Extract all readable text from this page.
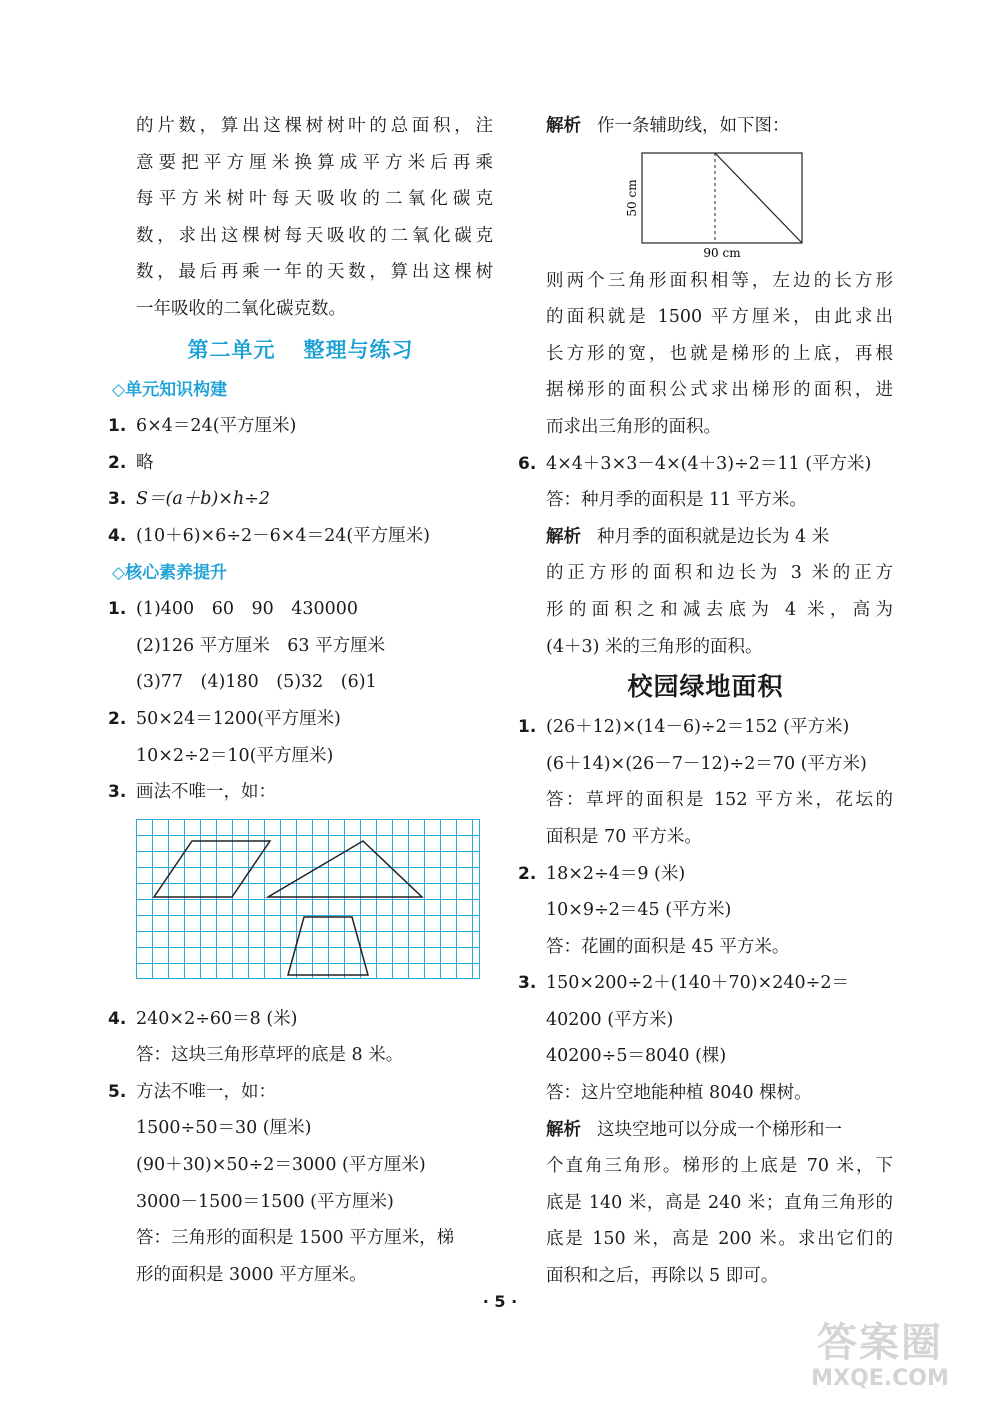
的片数，算出这棵树树叶的总面积，注
意要把平方厘米换算成平方米后再乘
每平方米树叶每天吸收的二氧化碳克
数，求出这棵树每天吸收的二氧化碳克
数，最后再乘一年的天数，算出这棵树
一年吸收的二氧化碳克数。
第二单元 整理与练习
◇单元知识构建
1. 6×4＝24(平方厘米)
2. 略
3. S＝(a＋b)×h÷2
4. (10＋6)×6÷2－6×4＝24(平方厘米)
◇核心素养提升
1. (1)400　60　90　430000
(2)126 平方厘米　63 平方厘米
(3)77　(4)180　(5)32　(6)1
2. 50×24＝1200(平方厘米)
10×2÷2＝10(平方厘米)
3. 画法不唯一，如：
4. 240×2÷60＝8 (米)
答：这块三角形草坪的底是 8 米。
5. 方法不唯一，如：
1500÷50＝30 (厘米)
(90＋30)×50÷2＝3000 (平方厘米)
3000－1500＝1500 (平方厘米)
答：三角形的面积是 1500 平方厘米，梯
形的面积是 3000 平方厘米。
解析 作一条辅助线，如下图：
50 cm
90 cm
则两个三角形面积相等，左边的长方形
的面积就是 1500 平方厘米，由此求出
长方形的宽，也就是梯形的上底，再根
据梯形的面积公式求出梯形的面积，进
而求出三角形的面积。
6. 4×4＋3×3－4×(4＋3)÷2＝11 (平方米)
答：种月季的面积是 11 平方米。
解析 种月季的面积就是边长为 4 米
的正方形的面积和边长为 3 米的正方
形的面积之和减去底为 4 米，高为
(4＋3) 米的三角形的面积。
校园绿地面积
1. (26＋12)×(14－6)÷2＝152 (平方米)
(6＋14)×(26－7－12)÷2＝70 (平方米)
答：草坪的面积是 152 平方米，花坛的
面积是 70 平方米。
2. 18×2÷4＝9 (米)
10×9÷2＝45 (平方米)
答：花圃的面积是 45 平方米。
3. 150×200÷2＋(140＋70)×240÷2＝
40200 (平方米)
40200÷5＝8040 (棵)
答：这片空地能种植 8040 棵树。
解析 这块空地可以分成一个梯形和一
个直角三角形。梯形的上底是 70 米，下
底是 140 米，高是 240 米；直角三角形的
底是 150 米，高是 200 米。求出它们的
面积和之后，再除以 5 即可。
· 5 ·
答案圈
MXQE.COM
